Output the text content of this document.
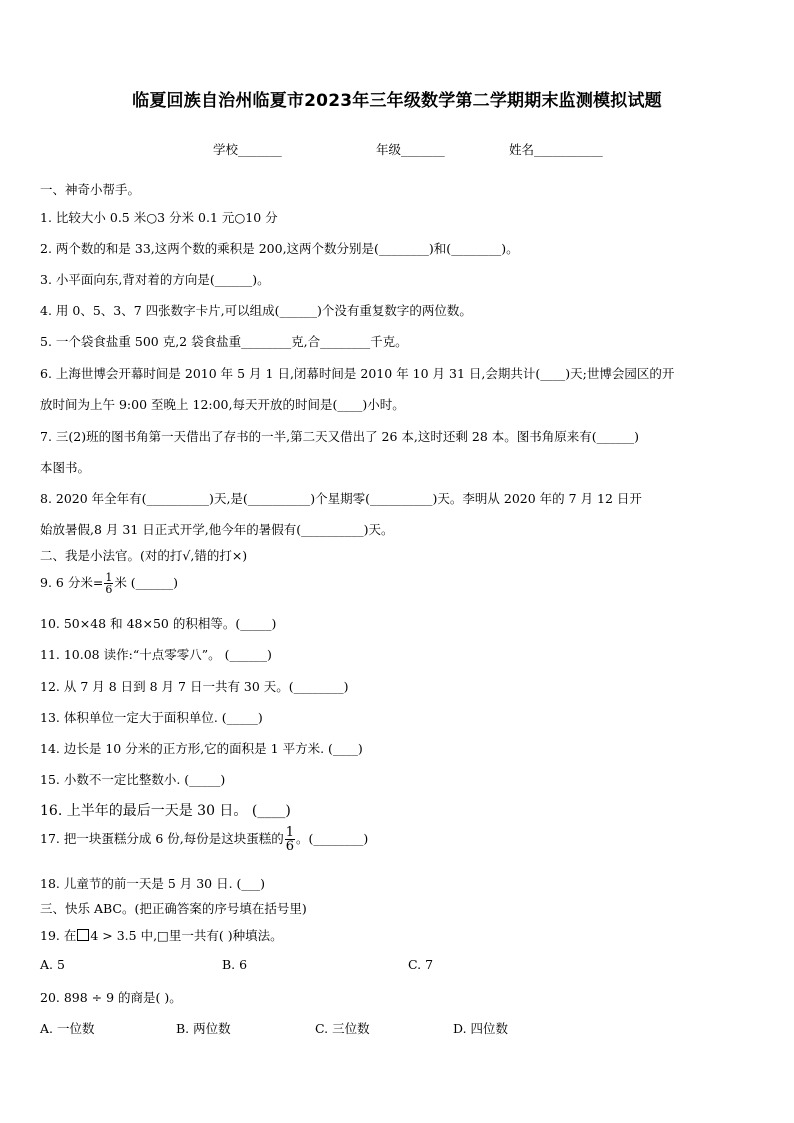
临夏回族自治州临夏市2023年三年级数学第二学期期末监测模拟试题
学校_______	年级_______	姓名___________
一、神奇小帮手。
1. 比较大小 0.5 米○3 分米 0.1 元○10 分
2. 两个数的和是 33,这两个数的乘积是 200,这两个数分别是(________)和(________)。
3. 小平面向东,背对着的方向是(______)。
4. 用 0、5、3、7 四张数字卡片,可以组成(______)个没有重复数字的两位数。
5. 一个袋食盐重 500 克,2 袋食盐重________克,合________千克。
6. 上海世博会开幕时间是 2010 年 5 月 1 日,闭幕时间是 2010 年 10 月 31 日,会期共计(____)天;世博会园区的开
放时间为上午 9:00 至晚上 12:00,每天开放的时间是(____)小时。
7. 三(2)班的图书角第一天借出了存书的一半,第二天又借出了 26 本,这时还剩 28 本。图书角原来有(______)
本图书。
8. 2020 年全年有(__________)天,是(__________)个星期零(__________)天。李明从 2020 年的 7 月 12 日开
始放暑假,8 月 31 日正式开学,他今年的暑假有(__________)天。
二、我是小法官。(对的打√,错的打×)
9. 6 分米= $\frac{1}{6}$ 米 (______)
10. 50×48 和 48×50 的积相等。(_____)
11. 10.08 读作:“十点零零八”。 (______)
12. 从 7 月 8 日到 8 月 7 日一共有 30 天。(________)
13. 体积单位一定大于面积单位. (_____)
14. 边长是 10 分米的正方形,它的面积是 1 平方米. (____)
15. 小数不一定比整数小. (_____)
16. 上半年的最后一天是 30 日。 (____)
17. 把一块蛋糕分成 6 份,每份是这块蛋糕的 $\frac{1}{6}$ 。(________)
18. 儿童节的前一天是 5 月 30 日. (___)
三、快乐 ABC。(把正确答案的序号填在括号里)
19. 在 4 > 3.5 中,□里一共有( )种填法。
A. 5	B. 6	C. 7
20. 898 ÷ 9 的商是( )。
A. 一位数	B. 两位数	C. 三位数	D. 四位数
